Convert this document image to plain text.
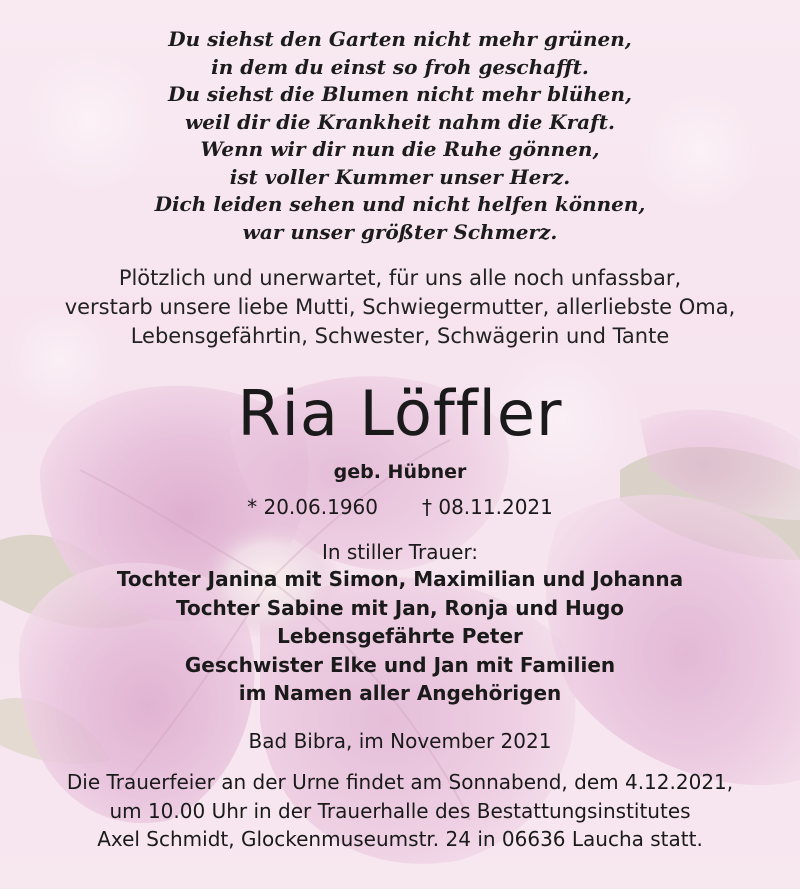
Du siehst den Garten nicht mehr grünen,
in dem du einst so froh geschafft.
Du siehst die Blumen nicht mehr blühen,
weil dir die Krankheit nahm die Kraft.
Wenn wir dir nun die Ruhe gönnen,
ist voller Kummer unser Herz.
Dich leiden sehen und nicht helfen können,
war unser größter Schmerz.
Plötzlich und unerwartet, für uns alle noch unfassbar,
verstarb unsere liebe Mutti, Schwiegermutter, allerliebste Oma,
Lebensgefährtin, Schwester, Schwägerin und Tante
Ria Löffler
geb. Hübner
* 20.06.1960 † 08.11.2021
In stiller Trauer:
Tochter Janina mit Simon, Maximilian und Johanna
Tochter Sabine mit Jan, Ronja und Hugo
Lebensgefährte Peter
Geschwister Elke und Jan mit Familien
im Namen aller Angehörigen
Bad Bibra, im November 2021
Die Trauerfeier an der Urne findet am Sonnabend, dem 4.12.2021,
um 10.00 Uhr in der Trauerhalle des Bestattungsinstitutes
Axel Schmidt, Glockenmuseumstr. 24 in 06636 Laucha statt.
